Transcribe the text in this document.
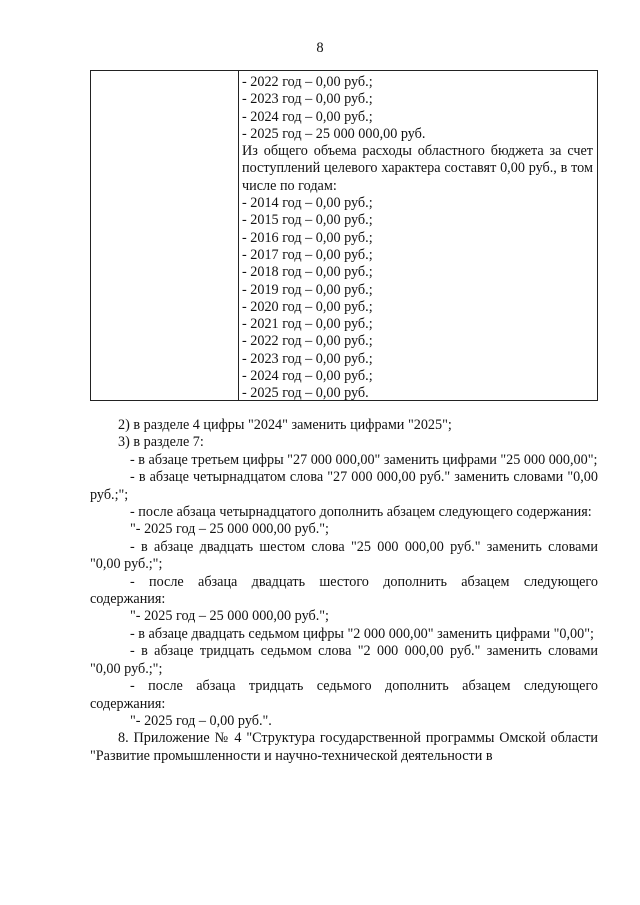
8
- 2022 год – 0,00 руб.;
- 2023 год – 0,00 руб.;
- 2024 год – 0,00 руб.;
- 2025 год – 25 000 000,00 руб.
Из общего объема расходы областного бюджета за счет поступлений целевого характера составят 0,00 руб., в том числе по годам:
- 2014 год – 0,00 руб.;
- 2015 год – 0,00 руб.;
- 2016 год – 0,00 руб.;
- 2017 год – 0,00 руб.;
- 2018 год – 0,00 руб.;
- 2019 год – 0,00 руб.;
- 2020 год – 0,00 руб.;
- 2021 год – 0,00 руб.;
- 2022 год – 0,00 руб.;
- 2023 год – 0,00 руб.;
- 2024 год – 0,00 руб.;
- 2025 год – 0,00 руб.

2) в разделе 4 цифры "2024" заменить цифрами "2025";

3) в разделе 7:

- в абзаце третьем цифры "27 000 000,00" заменить цифрами "25 000 000,00";

- в абзаце четырнадцатом слова "27 000 000,00 руб." заменить словами "0,00 руб.;";

- после абзаца четырнадцатого дополнить абзацем следующего содержания:

"- 2025 год – 25 000 000,00 руб.";

- в абзаце двадцать шестом слова "25 000 000,00 руб." заменить словами "0,00 руб.;";

- после абзаца двадцать шестого дополнить абзацем следующего содержания:

"- 2025 год – 25 000 000,00 руб.";

- в абзаце двадцать седьмом цифры "2 000 000,00" заменить цифрами "0,00";

- в абзаце тридцать седьмом слова "2 000 000,00 руб." заменить словами "0,00 руб.;";

- после абзаца тридцать седьмого дополнить абзацем следующего содержания:

"- 2025 год – 0,00 руб.".

8. Приложение № 4 "Структура государственной программы Омской области "Развитие промышленности и научно-технической деятельности в
